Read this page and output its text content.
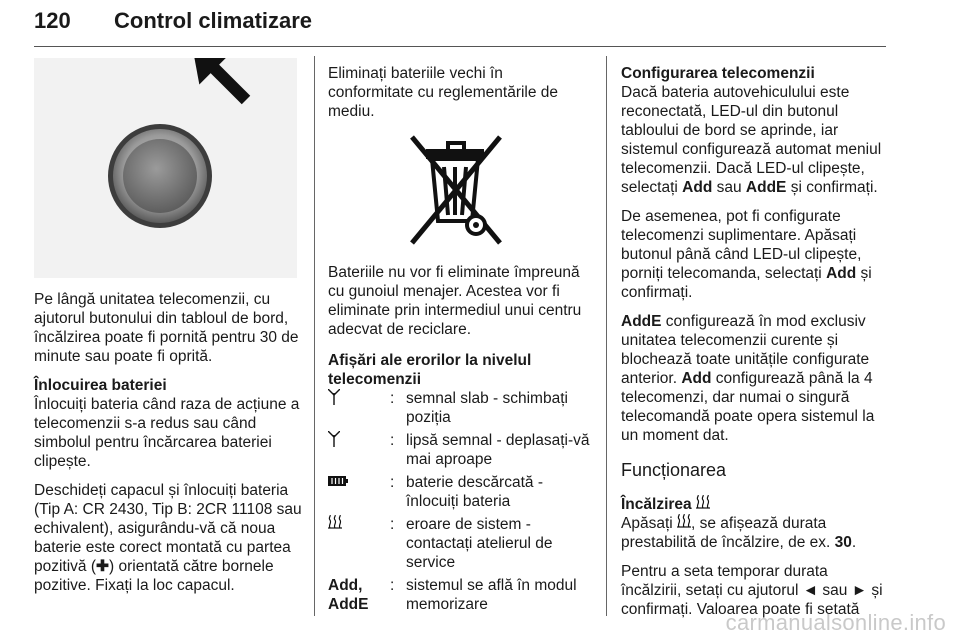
120 Control climatizare

Pe lângă unitatea telecomenzii, cu ajutorul butonului din tabloul de bord, încălzirea poate fi pornită pentru 30 de minute sau poate fi oprită.

Înlocuirea bateriei

Înlocuiți bateria când raza de acțiune a telecomenzii s-a redus sau când simbolul pentru încărcarea bateriei clipește.

Deschideți capacul și înlocuiți bateria (Tip A: CR 2430, Tip B: 2CR 11108 sau echivalent), asigurându-vă că noua baterie este corect montată cu partea pozitivă (✚) orientată către bornele pozitive. Fixați la loc capacul.

Eliminați bateriile vechi în conformitate cu reglementările de mediu.

Bateriile nu vor fi eliminate împreună cu gunoiul menajer. Acestea vor fi eliminate prin intermediul unui centru adecvat de reciclare.

Afișări ale erorilor la nivelul telecomenzii
	:	semnal slab - schimbați poziția
	:	lipsă semnal - deplasați-vă mai aproape
	:	baterie descărcată - înlocuiți bateria
	:	eroare de sistem - contactați atelierul de service
Add, AddE	:	sistemul se află în modul memorizare
Configurarea telecomenzii

Dacă bateria autovehiculului este reconectată, LED-ul din butonul tabloului de bord se aprinde, iar sistemul configurează automat meniul telecomenzii. Dacă LED-ul clipește, selectați Add sau AddE și confirmați.

De asemenea, pot fi configurate telecomenzi suplimentare. Apăsați butonul până când LED-ul clipește, porniți telecomanda, selectați Add și confirmați.

AddE configurează în mod exclusiv unitatea telecomenzii curente și blochează toate unitățile configurate anterior. Add configurează până la 4 telecomenzi, dar numai o singură telecomandă poate opera sistemul la un moment dat.

Funcționarea
Încălzirea

Apăsați , se afișează durata prestabilită de încălzire, de ex. 30.

Pentru a seta temporar durata încălzirii, setați cu ajutorul ◄ sau ► și confirmați. Valoarea poate fi setată

carmanualsonline.info
